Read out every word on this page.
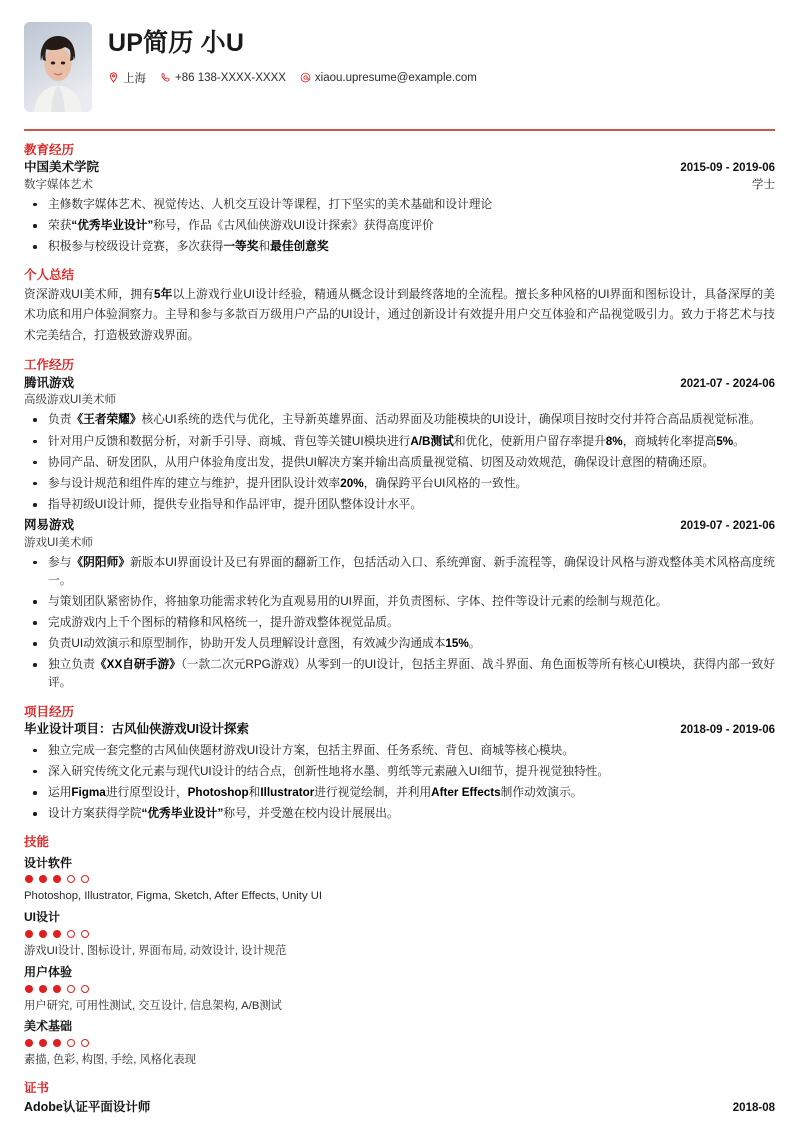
UP简历 小U
上海	+86 138-XXXX-XXXX	xiaou.upresume@example.com
教育经历
中国美术学院	2015-09 - 2019-06
数字媒体艺术	学士
主修数字媒体艺术、视觉传达、人机交互设计等课程，打下坚实的美术基础和设计理论
荣获“优秀毕业设计”称号，作品《古风仙侠游戏UI设计探索》获得高度评价
积极参与校级设计竞赛，多次获得一等奖和最佳创意奖
个人总结
资深游戏UI美术师，拥有5年以上游戏行业UI设计经验，精通从概念设计到最终落地的全流程。擅长多种风格的UI界面和图标设计，具备深厚的美术功底和用户体验洞察力。主导和参与多款百万级用户产品的UI设计，通过创新设计有效提升用户交互体验和产品视觉吸引力。致力于将艺术与技术完美结合，打造极致游戏界面。
工作经历
腾讯游戏	2021-07 - 2024-06
高级游戏UI美术师
负责《王者荣耀》核心UI系统的迭代与优化，主导新英雄界面、活动界面及功能模块的UI设计，确保项目按时交付并符合高品质视觉标准。
针对用户反馈和数据分析，对新手引导、商城、背包等关键UI模块进行A/B测试和优化，使新用户留存率提升8%，商城转化率提高5%。
协同产品、研发团队，从用户体验角度出发，提供UI解决方案并输出高质量视觉稿、切图及动效规范，确保设计意图的精确还原。
参与设计规范和组件库的建立与维护，提升团队设计效率20%，确保跨平台UI风格的一致性。
指导初级UI设计师，提供专业指导和作品评审，提升团队整体设计水平。
网易游戏	2019-07 - 2021-06
游戏UI美术师
参与《阴阳师》新版本UI界面设计及已有界面的翻新工作，包括活动入口、系统弹窗、新手流程等，确保设计风格与游戏整体美术风格高度统一。
与策划团队紧密协作，将抽象功能需求转化为直观易用的UI界面，并负责图标、字体、控件等设计元素的绘制与规范化。
完成游戏内上千个图标的精修和风格统一，提升游戏整体视觉品质。
负责UI动效演示和原型制作，协助开发人员理解设计意图，有效减少沟通成本15%。
独立负责《XX自研手游》（一款二次元RPG游戏）从零到一的UI设计，包括主界面、战斗界面、角色面板等所有核心UI模块，获得内部一致好评。
项目经历
毕业设计项目：古风仙侠游戏UI设计探索	2018-09 - 2019-06
独立完成一套完整的古风仙侠题材游戏UI设计方案，包括主界面、任务系统、背包、商城等核心模块。
深入研究传统文化元素与现代UI设计的结合点，创新性地将水墨、剪纸等元素融入UI细节，提升视觉独特性。
运用Figma进行原型设计，Photoshop和Illustrator进行视觉绘制，并利用After Effects制作动效演示。
设计方案获得学院“优秀毕业设计”称号，并受邀在校内设计展展出。
技能
设计软件
Photoshop, Illustrator, Figma, Sketch, After Effects, Unity UI
UI设计
游戏UI设计, 图标设计, 界面布局, 动效设计, 设计规范
用户体验
用户研究, 可用性测试, 交互设计, 信息架构, A/B测试
美术基础
素描, 色彩, 构图, 手绘, 风格化表现
证书
Adobe认证平面设计师	2018-08
